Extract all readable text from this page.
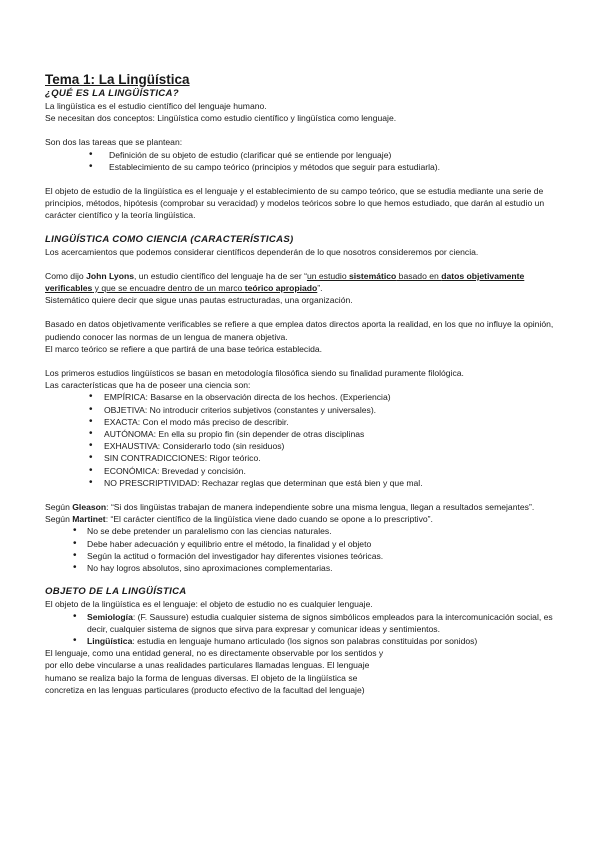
Tema 1: La Lingüística

¿QUÉ ES LA LINGÜÍSTICA?

La lingüística es el estudio científico del lenguaje humano.

Se necesitan dos conceptos: Lingüística como estudio científico y lingüística como lenguaje.

Son dos las tareas que se plantean:

• Definición de su objeto de estudio (clarificar qué se entiende por lenguaje)
• Establecimiento de su campo teórico (principios y métodos que seguir para estudiarla).

El objeto de estudio de la lingüística es el lenguaje y el establecimiento de su campo teórico, que se estudia mediante una serie de principios, métodos, hipótesis (comprobar su veracidad) y modelos teóricos sobre lo que hemos estudiado, que darán al estudio un carácter científico y la teoría lingüística.

LINGÜÍSTICA COMO CIENCIA (CARACTERÍSTICAS)

Los acercamientos que podemos considerar científicos dependerán de lo que nosotros consideremos por ciencia.

Como dijo John Lyons, un estudio científico del lenguaje ha de ser “un estudio sistemático basado en datos objetivamente verificables y que se encuadre dentro de un marco teórico apropiado”.

Sistemático quiere decir que sigue unas pautas estructuradas, una organización.

Basado en datos objetivamente verificables se refiere a que emplea datos directos aporta la realidad, en los que no influye la opinión, pudiendo conocer las normas de un lengua de manera objetiva.

El marco teórico se refiere a que partirá de una base teórica establecida.

Los primeros estudios lingüísticos se basan en metodología filosófica siendo su finalidad puramente filológica.

Las características que ha de poseer una ciencia son:

• EMPÍRICA: Basarse en la observación directa de los hechos. (Experiencia)
• OBJETIVA: No introducir criterios subjetivos (constantes y universales).
• EXACTA: Con el modo más preciso de describir.
• AUTÓNOMA: En ella su propio fin (sin depender de otras disciplinas
• EXHAUSTIVA: Considerarlo todo (sin residuos)
• SIN CONTRADICCIONES: Rigor teórico.
• ECONÓMICA: Brevedad y concisión.
• NO PRESCRIPTIVIDAD: Rechazar reglas que determinan que está bien y que mal.

Según Gleason: “Si dos lingüistas trabajan de manera independiente sobre una misma lengua, llegan a resultados semejantes”.

Según Martinet: “El carácter científico de la lingüística viene dado cuando se opone a lo prescriptivo”.

• No se debe pretender un paralelismo con las ciencias naturales.
• Debe haber adecuación y equilibrio entre el método, la finalidad y el objeto
• Según la actitud o formación del investigador hay diferentes visiones teóricas.
• No hay logros absolutos, sino aproximaciones complementarias.

OBJETO DE LA LINGÜÍSTICA

El objeto de la lingüística es el lenguaje: el objeto de estudio no es cualquier lenguaje.

• Semiología: (F. Saussure) estudia cualquier sistema de signos simbólicos empleados para la intercomunicación social, es decir, cualquier sistema de signos que sirva para expresar y comunicar ideas y sentimientos.
• Lingüística: estudia en lenguaje humano articulado (los signos son palabras constituidas por sonidos)

El lenguaje, como una entidad general, no es directamente observable por los sentidos y

por ello debe vincularse a unas realidades particulares llamadas lenguas. El lenguaje

humano se realiza bajo la forma de lenguas diversas. El objeto de la lingüística se

concretiza en las lenguas particulares (producto efectivo de la facultad del lenguaje)
